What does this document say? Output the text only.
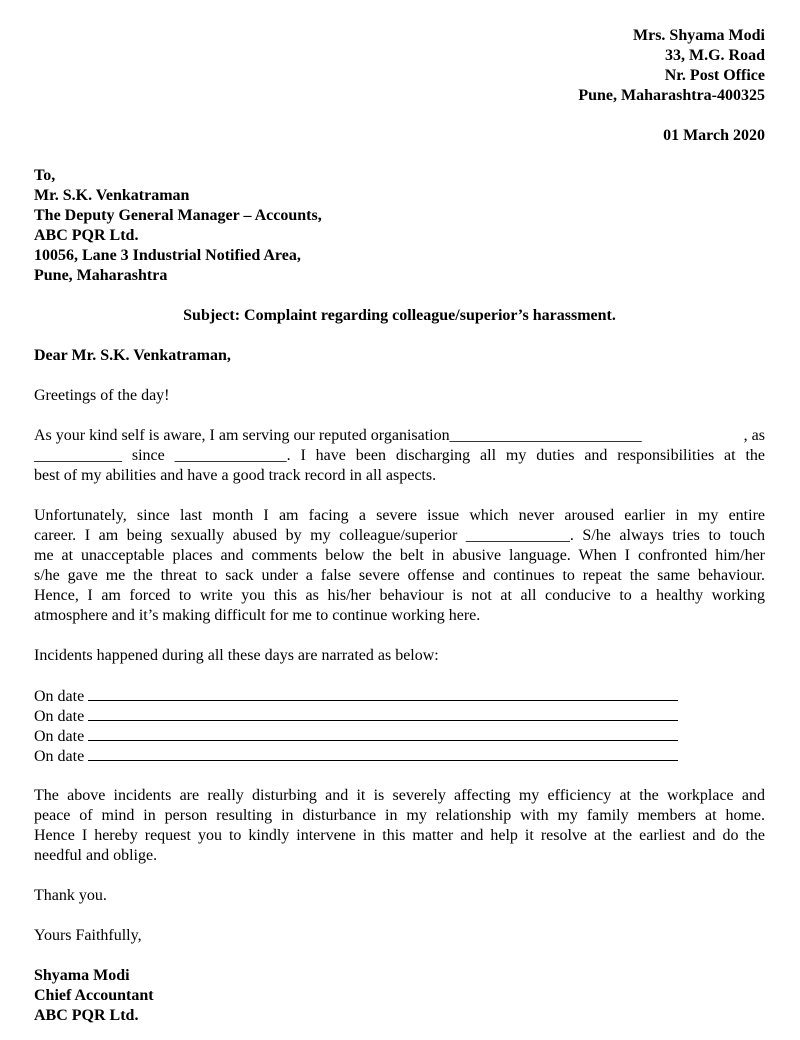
Mrs. Shyama Modi
33, M.G. Road
Nr. Post Office
Pune, Maharashtra-400325
01 March 2020
To,
Mr. S.K. Venkatraman
The Deputy General Manager – Accounts,
ABC PQR Ltd.
10056, Lane 3 Industrial Notified Area,
Pune, Maharashtra
Subject: Complaint regarding colleague/superior’s harassment.
Dear Mr. S.K. Venkatraman,
Greetings of the day!
As your kind self is aware, I am serving our reputed organisation________________________	, as
___________ since ______________. I have been discharging all my duties and responsibilities at the
best of my abilities and have a good track record in all aspects.
Unfortunately, since last month I am facing a severe issue which never aroused earlier in my entire
career. I am being sexually abused by my colleague/superior _____________. S/he always tries to touch
me at unacceptable places and comments below the belt in abusive language. When I confronted him/her
s/he gave me the threat to sack under a false severe offense and continues to repeat the same behaviour.
Hence, I am forced to write you this as his/her behaviour is not at all conducive to a healthy working
atmosphere and it’s making difficult for me to continue working here.
Incidents happened during all these days are narrated as below:
On date
On date
On date
On date
The above incidents are really disturbing and it is severely affecting my efficiency at the workplace and
peace of mind in person resulting in disturbance in my relationship with my family members at home.
Hence I hereby request you to kindly intervene in this matter and help it resolve at the earliest and do the
needful and oblige.
Thank you.
Yours Faithfully,
Shyama Modi
Chief Accountant
ABC PQR Ltd.
